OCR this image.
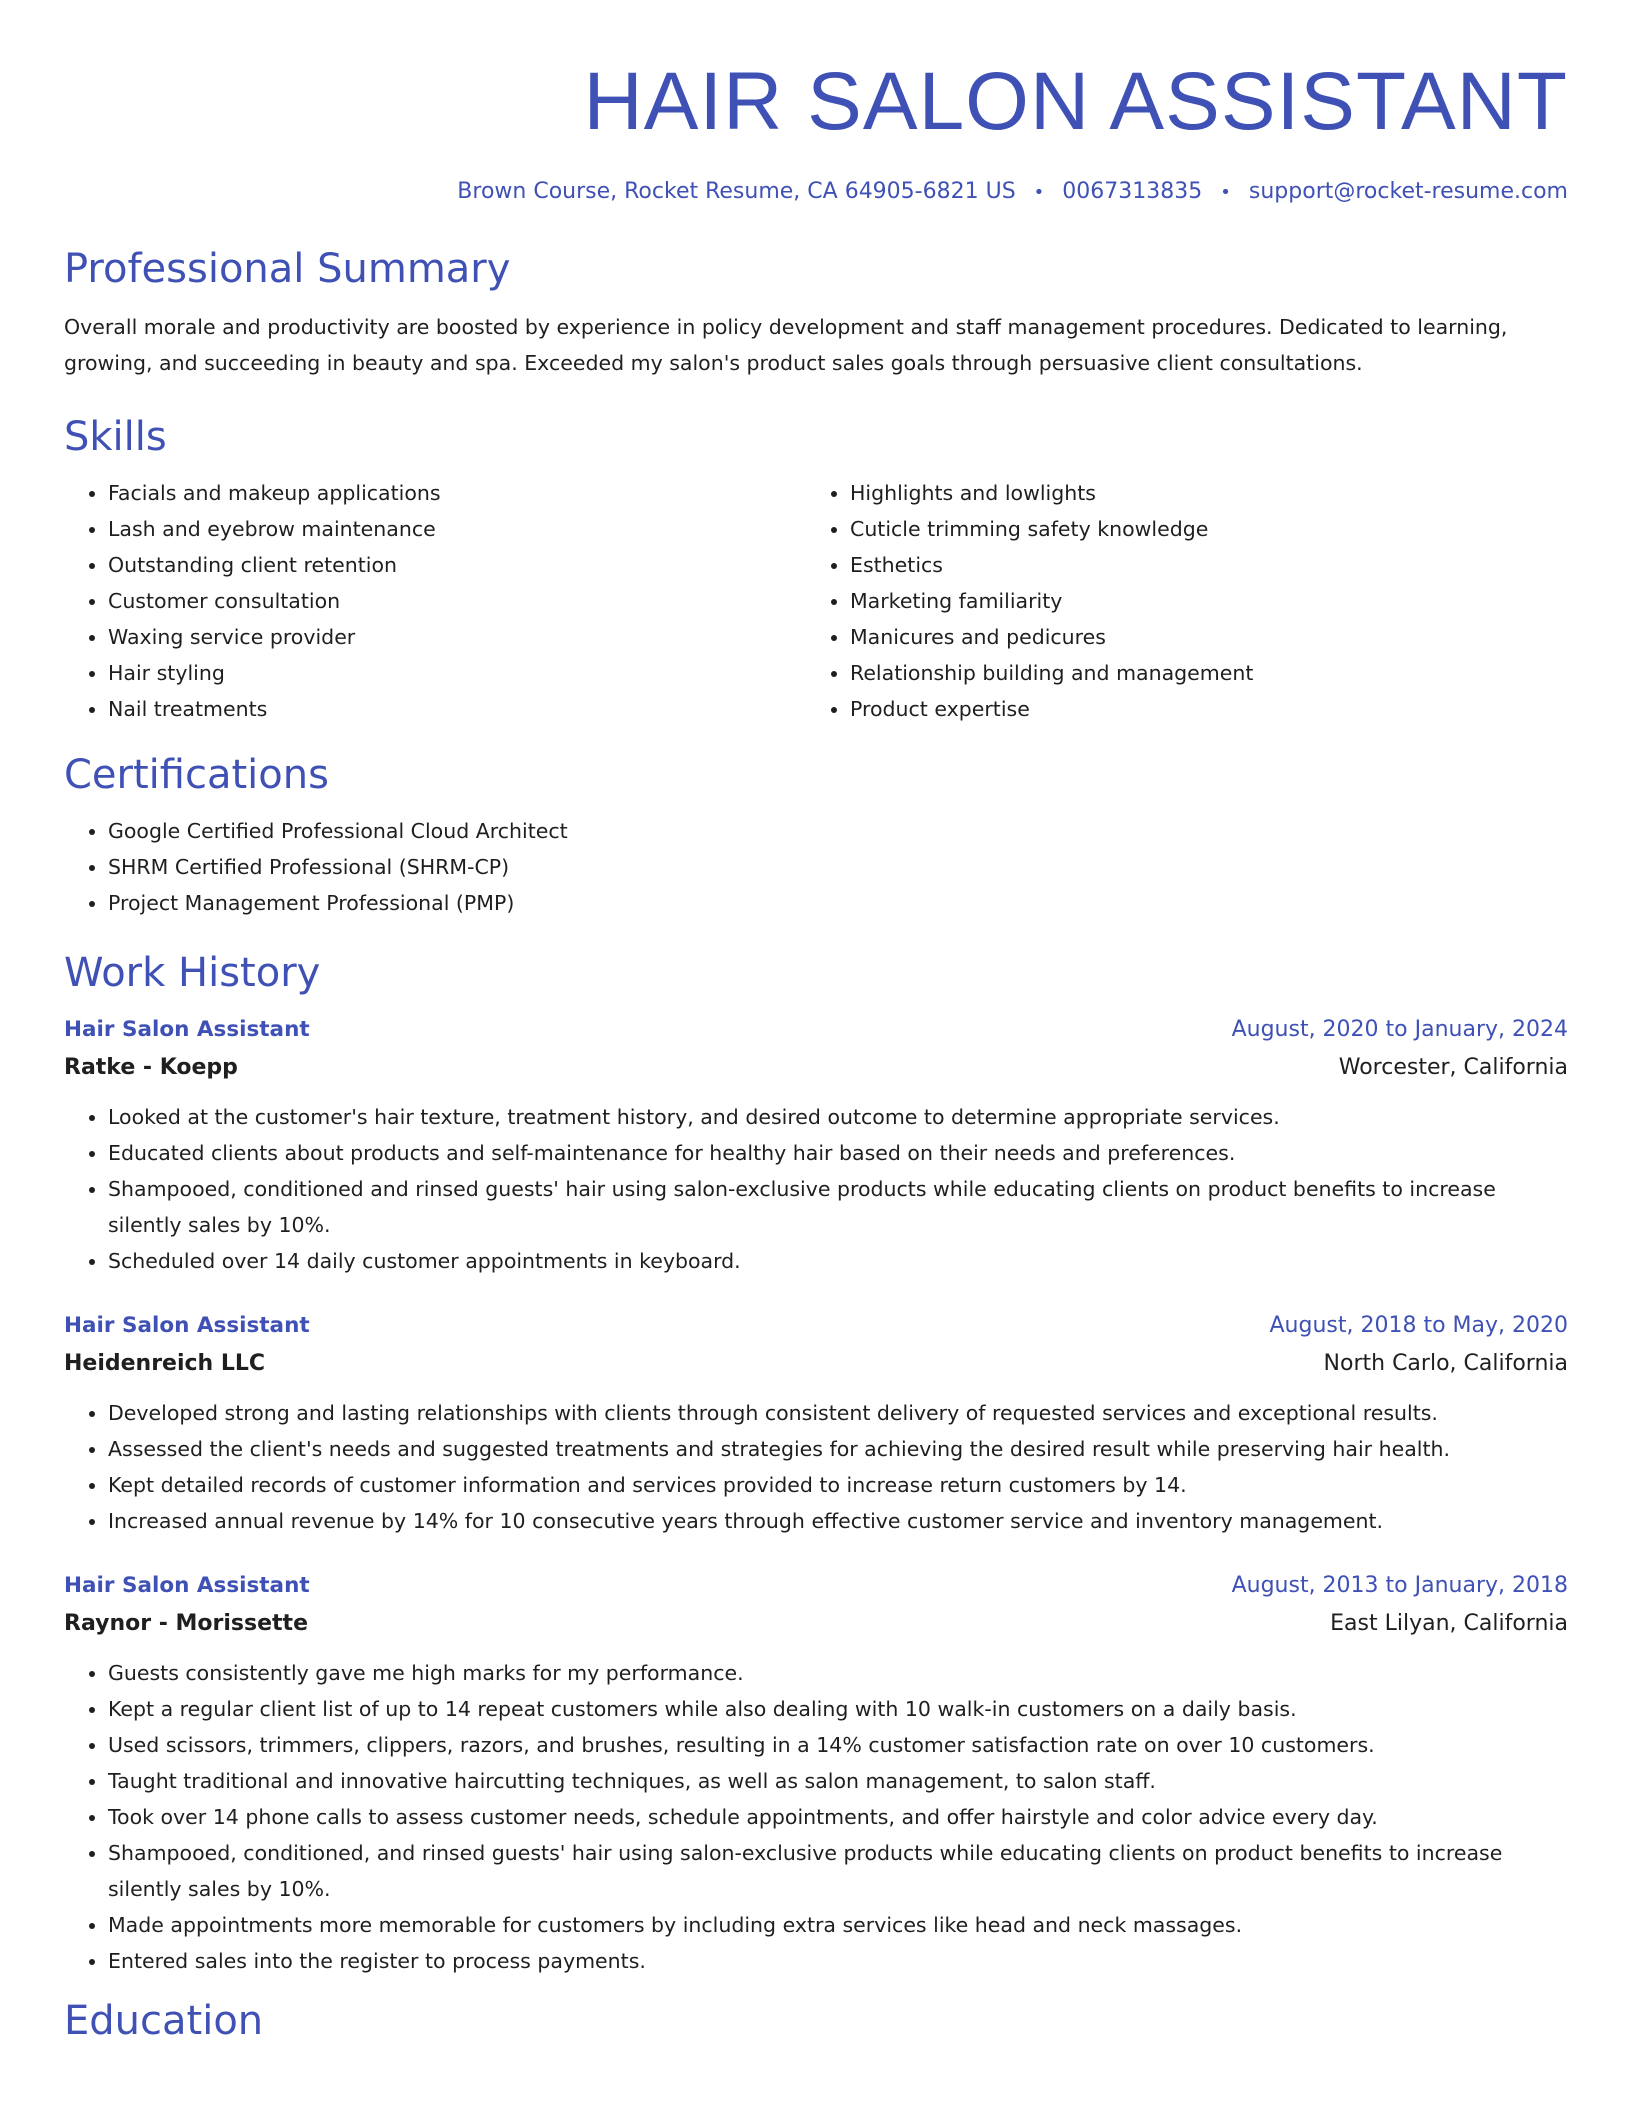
HAIR SALON ASSISTANT
Brown Course, Rocket Resume, CA 64905-6821 US • 0067313835 • support@rocket-resume.com
Professional Summary

Overall morale and productivity are boosted by experience in policy development and staff management procedures. Dedicated to learning, growing, and succeeding in beauty and spa. Exceeded my salon's product sales goals through persuasive client consultations.

Skills
• Facials and makeup applications
• Lash and eyebrow maintenance
• Outstanding client retention
• Customer consultation
• Waxing service provider
• Hair styling
• Nail treatments
• Highlights and lowlights
• Cuticle trimming safety knowledge
• Esthetics
• Marketing familiarity
• Manicures and pedicures
• Relationship building and management
• Product expertise
Certifications
• Google Certified Professional Cloud Architect
• SHRM Certified Professional (SHRM-CP)
• Project Management Professional (PMP)
Work History
Hair Salon Assistant	August, 2020 to January, 2024
Ratke - Koepp	Worcester, California
• Looked at the customer's hair texture, treatment history, and desired outcome to determine appropriate services.
• Educated clients about products and self-maintenance for healthy hair based on their needs and preferences.
• Shampooed, conditioned and rinsed guests' hair using salon-exclusive products while educating clients on product benefits to increase silently sales by 10%.
• Scheduled over 14 daily customer appointments in keyboard.
Hair Salon Assistant	August, 2018 to May, 2020
Heidenreich LLC	North Carlo, California
• Developed strong and lasting relationships with clients through consistent delivery of requested services and exceptional results.
• Assessed the client's needs and suggested treatments and strategies for achieving the desired result while preserving hair health.
• Kept detailed records of customer information and services provided to increase return customers by 14.
• Increased annual revenue by 14% for 10 consecutive years through effective customer service and inventory management.
Hair Salon Assistant	August, 2013 to January, 2018
Raynor - Morissette	East Lilyan, California
• Guests consistently gave me high marks for my performance.
• Kept a regular client list of up to 14 repeat customers while also dealing with 10 walk-in customers on a daily basis.
• Used scissors, trimmers, clippers, razors, and brushes, resulting in a 14% customer satisfaction rate on over 10 customers.
• Taught traditional and innovative haircutting techniques, as well as salon management, to salon staff.
• Took over 14 phone calls to assess customer needs, schedule appointments, and offer hairstyle and color advice every day.
• Shampooed, conditioned, and rinsed guests' hair using salon-exclusive products while educating clients on product benefits to increase silently sales by 10%.
• Made appointments more memorable for customers by including extra services like head and neck massages.
• Entered sales into the register to process payments.
Education
